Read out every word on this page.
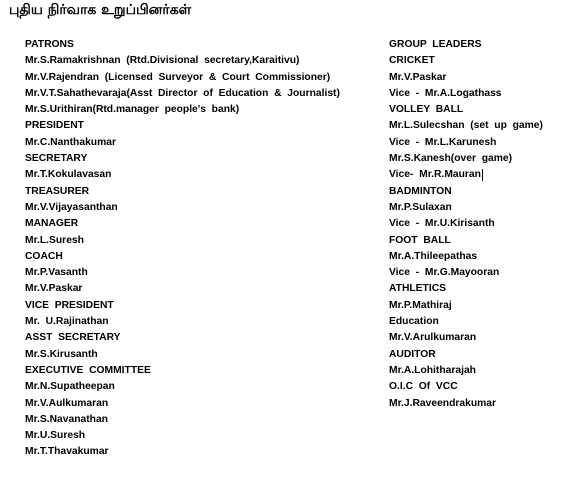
புதிய நிர்வாக உறுப்பினர்கள்
PATRONS
Mr.S.Ramakrishnan  (Rtd.Divisional  secretary,Karaitivu)
Mr.V.Rajendran  (Licensed  Surveyor  &  Court  Commissioner)
Mr.V.T.Sahathevaraja(Asst  Director  of  Education  &  Journalist)
Mr.S.Urithiran(Rtd.manager  people's  bank)
PRESIDENT
Mr.C.Nanthakumar
SECRETARY
Mr.T.Kokulavasan
TREASURER
Mr.V.Vijayasanthan
MANAGER
Mr.L.Suresh
COACH
Mr.P.Vasanth
Mr.V.Paskar
VICE  PRESIDENT
Mr.  U.Rajinathan
ASST  SECRETARY
Mr.S.Kirusanth
EXECUTIVE  COMMITTEE
Mr.N.Supatheepan
Mr.V.Aulkumaran
Mr.S.Navanathan
Mr.U.Suresh
Mr.T.Thavakumar
GROUP  LEADERS
CRICKET
Mr.V.Paskar
Vice  -  Mr.A.Logathass
VOLLEY  BALL
Mr.L.Sulecshan  (set  up  game)
Vice  -  Mr.L.Karunesh
Mr.S.Kanesh(over  game)
Vice-  Mr.R.Mauran
BADMINTON
Mr.P.Sulaxan
Vice  -  Mr.U.Kirisanth
FOOT  BALL
Mr.A.Thileepathas
Vice  -  Mr.G.Mayooran
ATHLETICS
Mr.P.Mathiraj
Education
Mr.V.Arulkumaran
AUDITOR
Mr.A.Lohitharajah
O.I.C  Of  VCC
Mr.J.Raveendrakumar
